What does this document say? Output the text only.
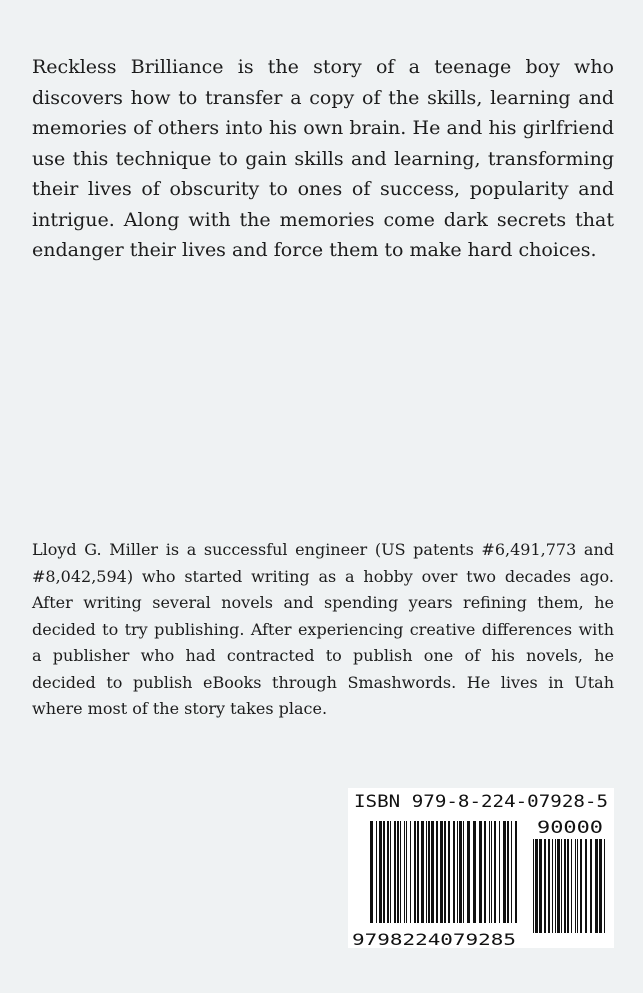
Reckless Brilliance is the story of a teenage boy who discovers how to transfer a copy of the skills, learning and memories of others into his own brain. He and his girlfriend use this technique to gain skills and learning, transforming their lives of obscurity to ones of success, popularity and intrigue. Along with the memories come dark secrets that endanger their lives and force them to make hard choices.

Lloyd G. Miller is a successful engineer (US patents #6,491,773 and #8,042,594) who started writing as a hobby over two decades ago. After writing several novels and spending years refining them, he decided to try publishing. After experiencing creative differences with a publisher who had contracted to publish one of his novels, he decided to publish eBooks through Smashwords. He lives in Utah where most of the story takes place.

ISBN 979-8-224-07928-5
90000
9798224079285
